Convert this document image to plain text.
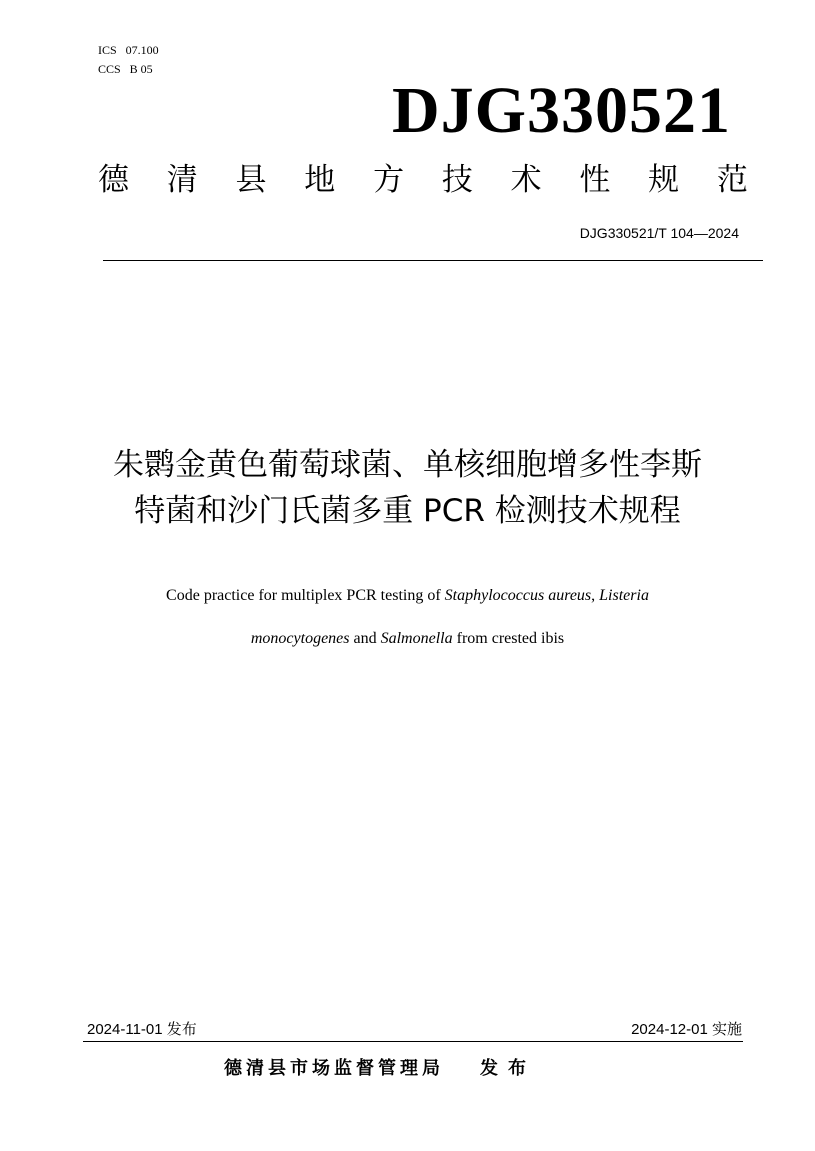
ICS   07.100
CCS   B 05
DJG330521
德 清 县 地 方 技 术 性 规 范
DJG330521/T 104—2024
朱鹮金黄色葡萄球菌、单核细胞增多性李斯
特菌和沙门氏菌多重 PCR 检测技术规程
Code practice for multiplex PCR testing of Staphylococcus aureus, Listeria
monocytogenes and Salmonella from crested ibis
2024-11-01 发布	2024-12-01 实施
德清县市场监督管理局 发布
